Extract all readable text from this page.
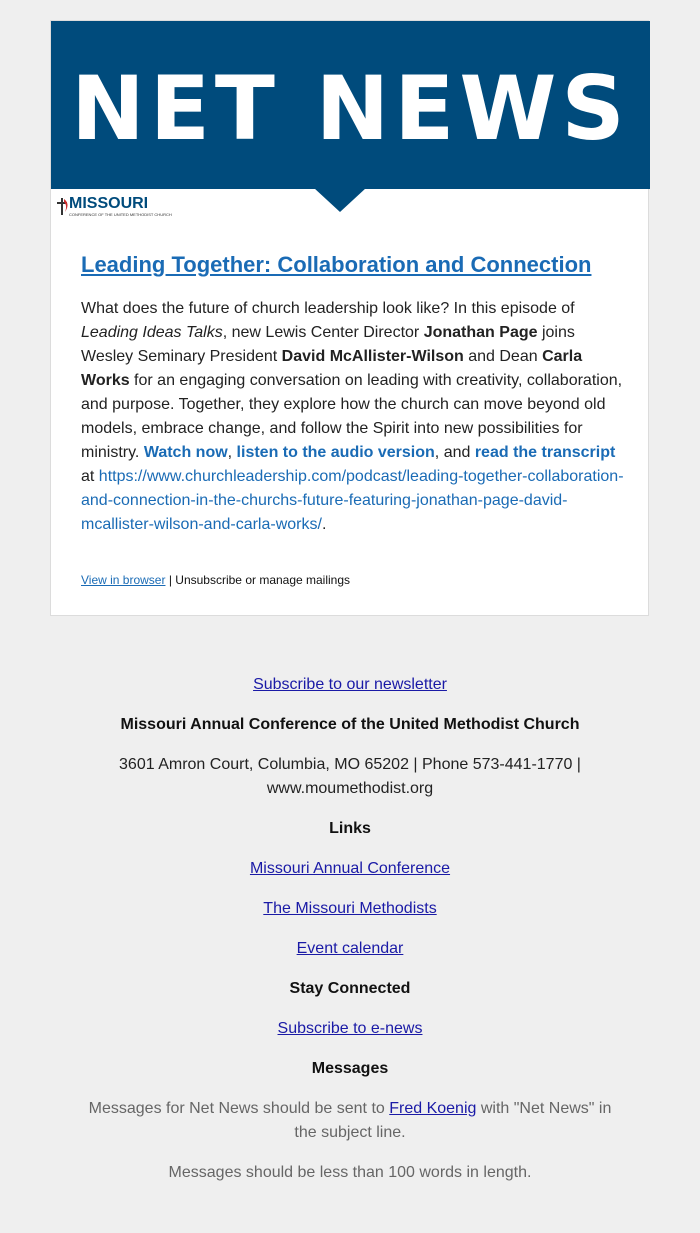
NET NEWS
MISSOURI
CONFERENCE OF THE UNITED METHODIST CHURCH
Leading Together: Collaboration and Connection
What does the future of church leadership look like? In this episode of Leading Ideas Talks, new Lewis Center Director Jonathan Page joins Wesley Seminary President David McAllister-Wilson and Dean Carla Works for an engaging conversation on leading with creativity, collaboration, and purpose. Together, they explore how the church can move beyond old models, embrace change, and follow the Spirit into new possibilities for ministry. Watch now, listen to the audio version, and read the transcript at https://www.churchleadership.com/podcast/leading-together-collaboration-and-connection-in-the-churchs-future-featuring-jonathan-page-david-mcallister-wilson-and-carla-works/.
View in browser | Unsubscribe or manage mailings
Subscribe to our newsletter
Missouri Annual Conference of the United Methodist Church
3601 Amron Court, Columbia, MO 65202 | Phone 573-441-1770 |
www.moumethodist.org
Links
Missouri Annual Conference
The Missouri Methodists
Event calendar
Stay Connected
Subscribe to e-news
Messages
Messages for Net News should be sent to Fred Koenig with "Net News" in
the subject line.
Messages should be less than 100 words in length.
